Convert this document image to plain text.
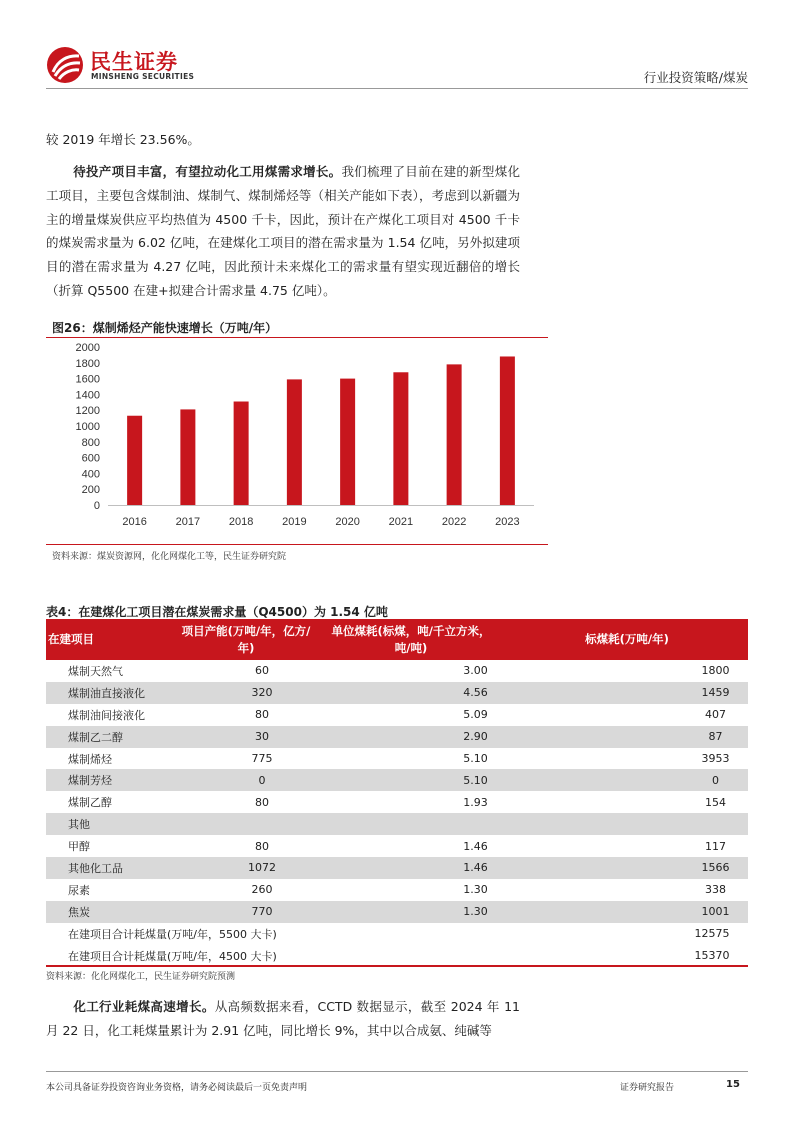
民生证券
MINSHENG SECURITIES	行业投资策略/煤炭
较 2019 年增长 23.56%。
待投产项目丰富，有望拉动化工用煤需求增长。我们梳理了目前在建的新型煤化工项目，主要包含煤制油、煤制气、煤制烯烃等（相关产能如下表），考虑到以新疆为主的增量煤炭供应平均热值为 4500 千卡，因此，预计在产煤化工项目对 4500 千卡的煤炭需求量为 6.02 亿吨，在建煤化工项目的潜在需求量为 1.54 亿吨，另外拟建项目的潜在需求量为 4.27 亿吨，因此预计未来煤化工的需求量有望实现近翻倍的增长（折算 Q5500 在建+拟建合计需求量 4.75 亿吨）。
图26：煤制烯烃产能快速增长（万吨/年）
0
200
400
600
800
1000
1200
1400
1600
1800
2000
2016	2017	2018	2019	2020	2021	2022	2023
资料来源：煤炭资源网，化化网煤化工等，民生证券研究院
表4：在建煤化工项目潜在煤炭需求量（Q4500）为 1.54 亿吨
在建项目
项目产能(万吨/年，亿方/年)
单位煤耗(标煤，吨/千立方米，吨/吨)
标煤耗(万吨/年)
煤制天然气	60	3.00	1800
煤制油直接液化	320	4.56	1459
煤制油间接液化	80	5.09	407
煤制乙二醇	30	2.90	87
煤制烯烃	775	5.10	3953
煤制芳烃	0	5.10	0
煤制乙醇	80	1.93	154
其他
甲醇	80	1.46	117
其他化工品	1072	1.46	1566
尿素	260	1.30	338
焦炭	770	1.30	1001
在建项目合计耗煤量(万吨/年，5500 大卡)	12575
在建项目合计耗煤量(万吨/年，4500 大卡)	15370
资料来源：化化网煤化工，民生证券研究院预测
化工行业耗煤高速增长。从高频数据来看，CCTD 数据显示，截至 2024 年 11 月 22 日，化工耗煤量累计为 2.91 亿吨，同比增长 9%，其中以合成氨、纯碱等
本公司具备证券投资咨询业务资格，请务必阅读最后一页免责声明	证券研究报告	15
